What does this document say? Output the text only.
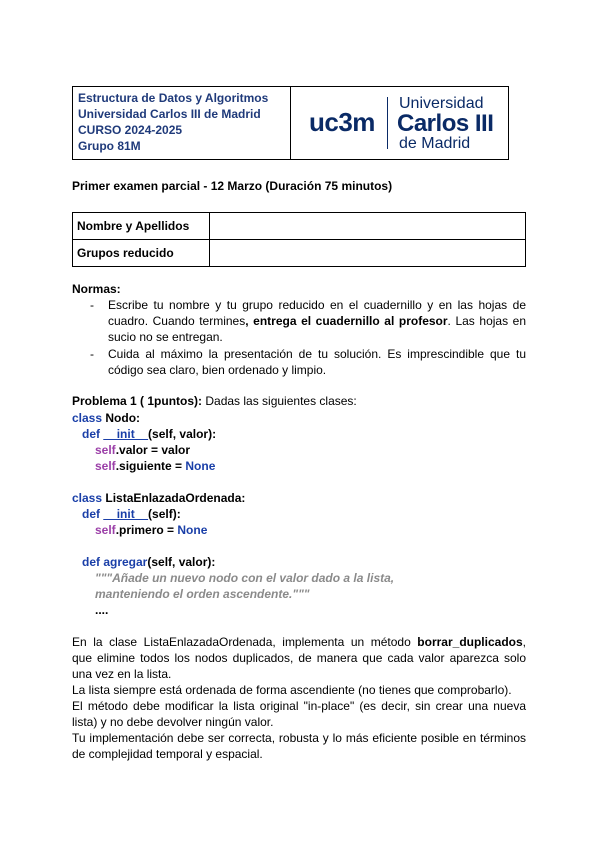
Estructura de Datos y Algoritmos
Universidad Carlos III de Madrid
CURSO 2024-2025
Grupo 81M
uc3m
Universidad
Carlos III
de Madrid
Primer examen parcial - 12 Marzo (Duración 75 minutos)
Nombre y Apellidos	
Grupos reducido	
Normas:
- Escribe tu nombre y tu grupo reducido en el cuadernillo y en las hojas de cuadro. Cuando termines, entrega el cuadernillo al profesor. Las hojas en sucio no se entregan.
- Cuida al máximo la presentación de tu solución. Es imprescindible que tu código sea claro, bien ordenado y limpio.
Problema 1 ( 1puntos): Dadas las siguientes clases:
class Nodo:
def __init__(self, valor):
self.valor = valor
self.siguiente = None
class ListaEnlazadaOrdenada:
def __init__(self):
self.primero = None
def agregar(self, valor):
"""Añade un nuevo nodo con el valor dado a la lista,
manteniendo el orden ascendente."""
....
En la clase ListaEnlazadaOrdenada, implementa un método borrar_duplicados, que elimine todos los nodos duplicados, de manera que cada valor aparezca solo una vez en la lista.
La lista siempre está ordenada de forma ascendiente (no tienes que comprobarlo).
El método debe modificar la lista original "in-place" (es decir, sin crear una nueva lista) y no debe devolver ningún valor.
Tu implementación debe ser correcta, robusta y lo más eficiente posible en términos de complejidad temporal y espacial.
